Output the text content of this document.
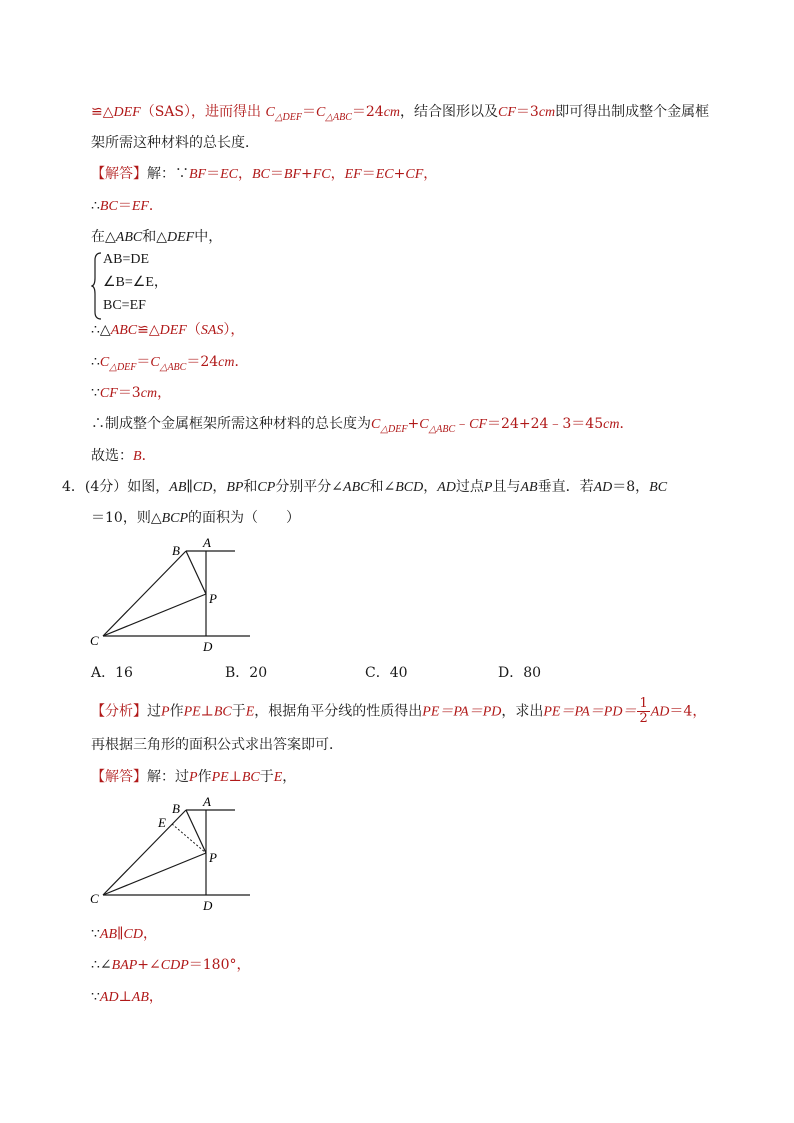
≌△DEF（SAS），进而得出 $C_{\triangle DEF}=C_{\triangle ABC}=24cm$，结合图形以及CF＝3cm即可得出制成整个金属框
架所需这种材料的总长度．
【解答】解：∵BF＝EC，BC＝BF+FC，EF＝EC+CF，
∴BC＝EF．
在△ABC和△DEF中，
AB=DE
∠B=∠E，
BC=EF
∴△ABC≌△DEF（SAS），
$\therefore C_{\triangle DEF}=C_{\triangle ABC}=24cm$．
∵CF＝3cm，
∴制成整个金属框架所需这种材料的总长度为$C_{\triangle DEF}+C_{\triangle ABC}﹣CF=24+24﹣3=45cm$．
故选：B．
4．(4分）如图，AB∥CD，BP和CP分别平分∠ABC和∠BCD，AD过点P且与AB垂直．若AD＝8，BC
＝10，则△BCP的面积为（　　）
A
B
C	D
P
A．16	B．20	C．40	D．80
【分析】过P作PE⊥BC于E，根据角平分线的性质得出PE＝PA＝PD，求出$PE=PA=PD= \frac{1}{2} AD=4$，
再根据三角形的面积公式求出答案即可．
【解答】解：过P作PE⊥BC于E，
A
B
E
C	D
P
∵AB∥CD，
∴∠BAP+∠CDP＝180°，
∵AD⊥AB，
